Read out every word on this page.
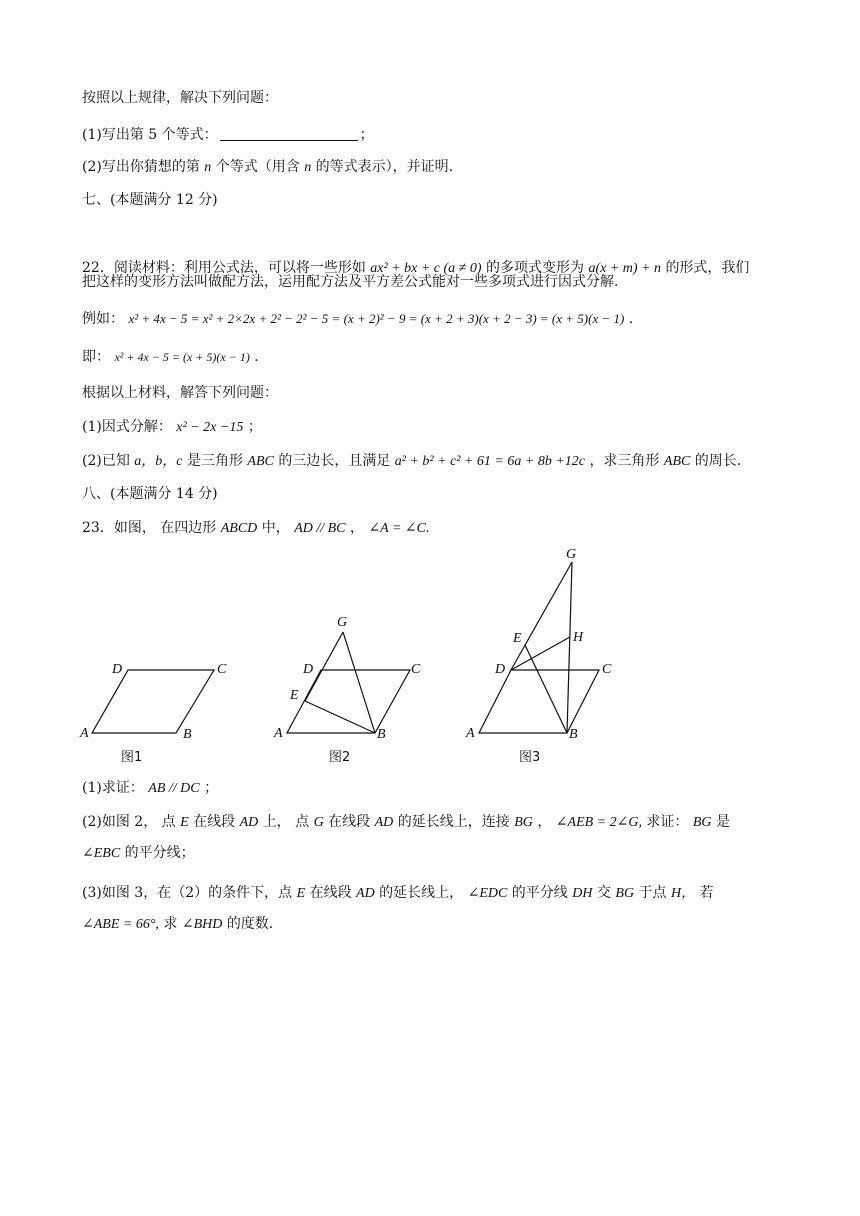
按照以上规律，解决下列问题：
(1)写出第 5 个等式：	；
(2)写出你猜想的第 n 个等式（用含 n 的等式表示），并证明.
七、(本题满分 12 分)
22．阅读材料：利用公式法，可以将一些形如 ax² + bx + c (a ≠ 0) 的多项式变形为 a(x + m) + n 的形式，我们
把这样的变形方法叫做配方法，运用配方法及平方差公式能对一些多项式进行因式分解.
例如： x² + 4x − 5 = x² + 2×2x + 2² − 2² − 5 = (x + 2)² − 9 = (x + 2 + 3)(x + 2 − 3) = (x + 5)(x − 1) .
即： x² + 4x − 5 = (x + 5)(x − 1) .
根据以上材料，解答下列问题：
(1)因式分解： x² − 2x −15 ；
(2)已知 a，b，c 是三角形 ABC 的三边长，且满足 a² + b² + c² + 61 = 6a + 8b +12c ，求三角形 ABC 的周长.
八、(本题满分 14 分)
23．如图， 在四边形 ABCD 中， AD // BC ， ∠A = ∠C.
A	B
C
D
A	B
C
D
E
G
A	B
C
D
E
G
H
图1	图2	图3
(1)求证： AB // DC ；
(2)如图 2， 点 E 在线段 AD 上， 点 G 在线段 AD 的延长线上，连接 BG ， ∠AEB = 2∠G, 求证： BG 是
∠EBC 的平分线；
(3)如图 3，在（2）的条件下，点 E 在线段 AD 的延长线上， ∠EDC 的平分线 DH 交 BG 于点 H， 若
∠ABE = 66°, 求 ∠BHD 的度数.
